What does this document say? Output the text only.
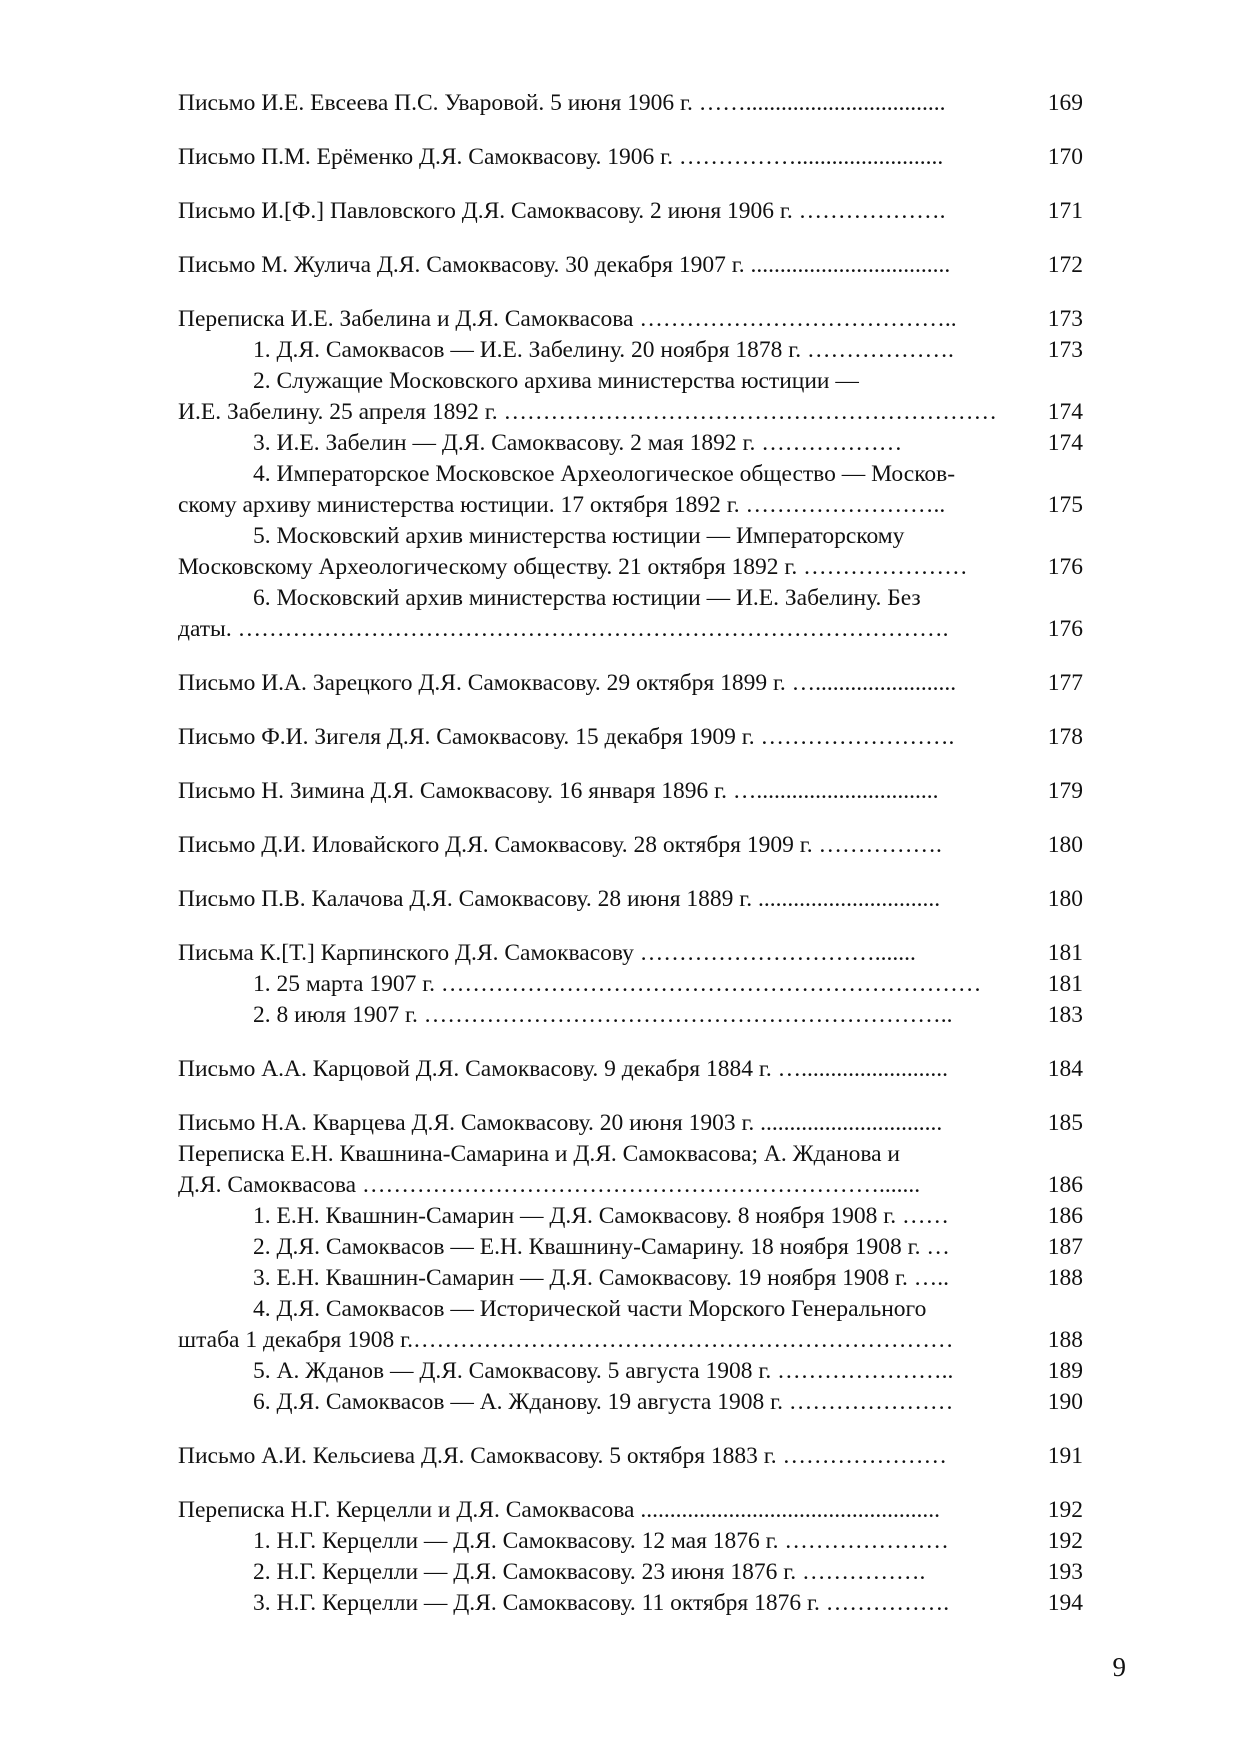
Письмо И.Е. Евсеева П.С. Уваровой. 5 июня 1906 г. ……..................................	169
Письмо П.М. Ерёменко Д.Я. Самоквасову. 1906 г. …………….........................	170
Письмо И.[Ф.] Павловского Д.Я. Самоквасову. 2 июня 1906 г. ……………….	171
Письмо М. Жулича Д.Я. Самоквасову. 30 декабря 1907 г. ..................................	172
Переписка И.Е. Забелина и Д.Я. Самоквасова …………………………………..	173
1. Д.Я. Самоквасов — И.Е. Забелину. 20 ноября 1878 г. ……………….	173
2. Служащие Московского архива министерства юстиции —
И.Е. Забелину. 25 апреля 1892 г. ………………………………………………………	174
3. И.Е. Забелин — Д.Я. Самоквасову. 2 мая 1892 г. ………………	174
4. Императорское Московское Археологическое общество — Москов-
скому архиву министерства юстиции. 17 октября 1892 г. ……………………..	175
5. Московский архив министерства юстиции — Императорскому
Московскому Археологическому обществу. 21 октября 1892 г. …………………	176
6. Московский архив министерства юстиции — И.Е. Забелину. Без
даты. ……………………………………………………………………………….	176
Письмо И.А. Зарецкого Д.Я. Самоквасову. 29 октября 1899 г. …........................	177
Письмо Ф.И. Зигеля Д.Я. Самоквасову. 15 декабря 1909 г. …………………….	178
Письмо Н. Зимина Д.Я. Самоквасову. 16 января 1896 г. …...............................	179
Письмо Д.И. Иловайского Д.Я. Самоквасову. 28 октября 1909 г. …………….	180
Письмо П.В. Калачова Д.Я. Самоквасову. 28 июня 1889 г. ...............................	180
Письма К.[Т.] Карпинского Д.Я. Самоквасову ………………………….......	181
1. 25 марта 1907 г. ……………………………………………………………	181
2. 8 июля 1907 г. …………………………………………………………..	183
Письмо А.А. Карцовой Д.Я. Самоквасову. 9 декабря 1884 г. ….........................	184
Письмо Н.А. Кварцева Д.Я. Самоквасову. 20 июня 1903 г. ...............................	185
Переписка Е.Н. Квашнина-Самарина и Д.Я. Самоквасова; А. Жданова и
Д.Я. Самоквасова ………………………………………………………….......	186
1. Е.Н. Квашнин-Самарин — Д.Я. Самоквасову. 8 ноября 1908 г. ……	186
2. Д.Я. Самоквасов — Е.Н. Квашнину-Самарину. 18 ноября 1908 г. …	187
3. Е.Н. Квашнин-Самарин — Д.Я. Самоквасову. 19 ноября 1908 г. …..	188
4. Д.Я. Самоквасов — Исторической части Морского Генерального
штаба 1 декабря 1908 г.……………………………………………………………	188
5. А. Жданов — Д.Я. Самоквасову. 5 августа 1908 г. …………………..	189
6. Д.Я. Самоквасов — А. Жданову. 19 августа 1908 г. …………………	190
Письмо А.И. Кельсиева Д.Я. Самоквасову. 5 октября 1883 г. …………………	191
Переписка Н.Г. Керцелли и Д.Я. Самоквасова ...................................................	192
1. Н.Г. Керцелли — Д.Я. Самоквасову. 12 мая 1876 г. …………………	192
2. Н.Г. Керцелли — Д.Я. Самоквасову. 23 июня 1876 г. …………….	193
3. Н.Г. Керцелли — Д.Я. Самоквасову. 11 октября 1876 г. …………….	194
9
